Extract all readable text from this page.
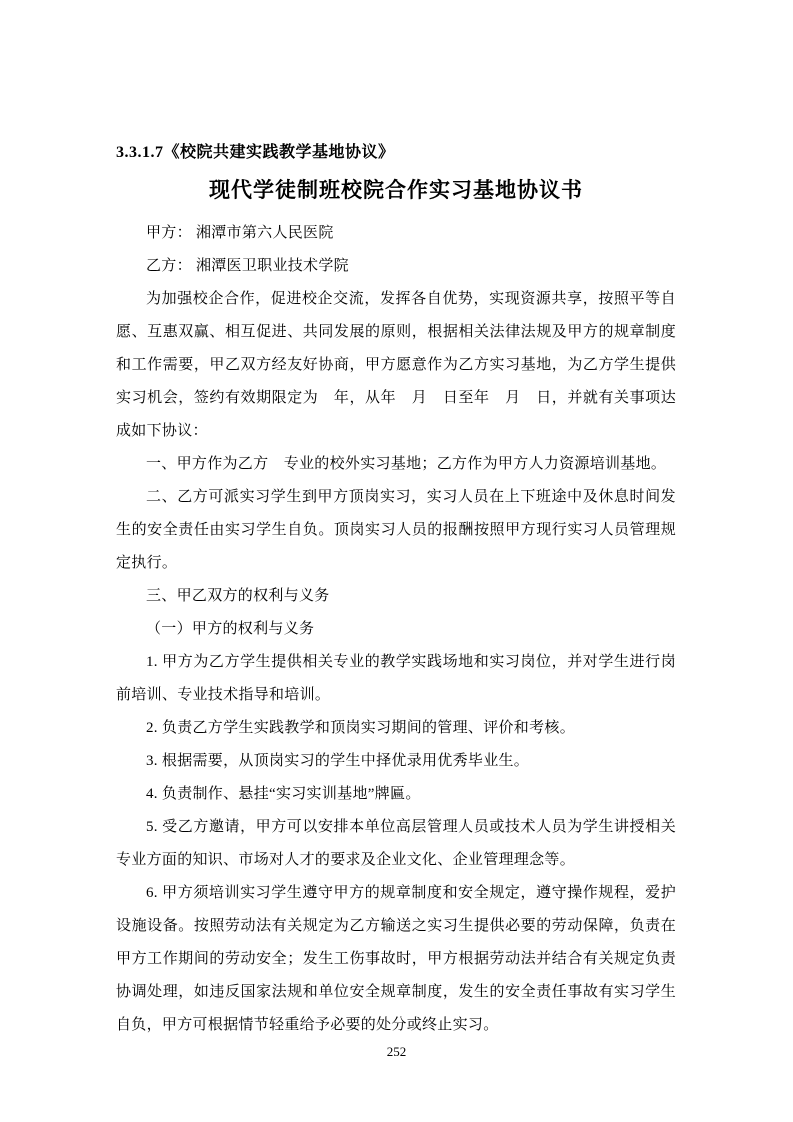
3.3.1.7《校院共建实践教学基地协议》
现代学徒制班校院合作实习基地协议书

甲方： 湘潭市第六人民医院

乙方： 湘潭医卫职业技术学院

为加强校企合作，促进校企交流，发挥各自优势，实现资源共享，按照平等自愿、互惠双赢、相互促进、共同发展的原则，根据相关法律法规及甲方的规章制度和工作需要，甲乙双方经友好协商，甲方愿意作为乙方实习基地，为乙方学生提供实习机会，签约有效期限定为　年，从年　月　日至年　月　日，并就有关事项达成如下协议：

一、甲方作为乙方　专业的校外实习基地；乙方作为甲方人力资源培训基地。

二、乙方可派实习学生到甲方顶岗实习，实习人员在上下班途中及休息时间发生的安全责任由实习学生自负。顶岗实习人员的报酬按照甲方现行实习人员管理规定执行。

三、甲乙双方的权利与义务

（一）甲方的权利与义务

1. 甲方为乙方学生提供相关专业的教学实践场地和实习岗位，并对学生进行岗前培训、专业技术指导和培训。

2. 负责乙方学生实践教学和顶岗实习期间的管理、评价和考核。

3. 根据需要，从顶岗实习的学生中择优录用优秀毕业生。

4. 负责制作、悬挂“实习实训基地”牌匾。

5. 受乙方邀请，甲方可以安排本单位高层管理人员或技术人员为学生讲授相关专业方面的知识、市场对人才的要求及企业文化、企业管理理念等。

6. 甲方须培训实习学生遵守甲方的规章制度和安全规定，遵守操作规程，爱护设施设备。按照劳动法有关规定为乙方输送之实习生提供必要的劳动保障，负责在甲方工作期间的劳动安全；发生工伤事故时，甲方根据劳动法并结合有关规定负责协调处理，如违反国家法规和单位安全规章制度，发生的安全责任事故有实习学生自负，甲方可根据情节轻重给予必要的处分或终止实习。

252
